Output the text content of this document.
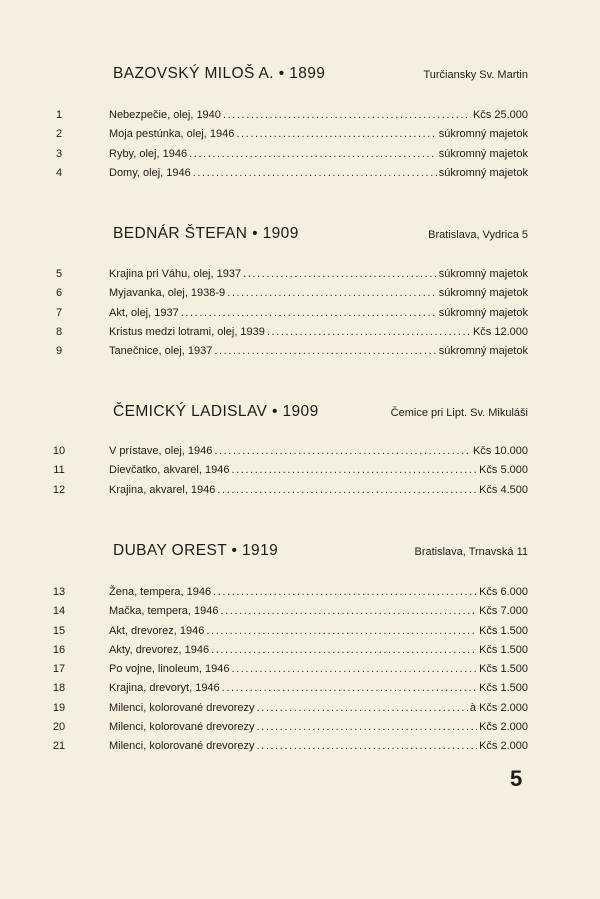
BAZOVSKÝ MILOŠ A. • 1899	Turčiansky Sv. Martin
1	Nebezpečie, olej, 1940 .....	Kčs 25.000
2	Moja pestúnka, olej, 1946 .....	súkromný majetok
3	Ryby, olej, 1946 .....	súkromný majetok
4	Domy, olej, 1946 .....	súkromný majetok
BEDNÁR ŠTEFAN • 1909	Bratislava, Vydrica 5
5	Krajina pri Váhu, olej, 1937 .....	súkromný majetok
6	Myjavanka, olej, 1938-9 .....	súkromný majetok
7	Akt, olej, 1937 .....	súkromný majetok
8	Kristus medzi lotrami, olej, 1939 .....	Kčs 12.000
9	Tanečnice, olej, 1937 .....	súkromný majetok
ČEMICKÝ LADISLAV • 1909	Čemice pri Lipt. Sv. Mikuláši
10	V prístave, olej, 1946 .....	Kčs 10.000
11	Dievčatko, akvarel, 1946 .....	Kčs 5.000
12	Krajina, akvarel, 1946 .....	Kčs 4.500
DUBAY OREST • 1919	Bratislava, Trnavská 11
13	Žena, tempera, 1946 .....	Kčs 6.000
14	Mačka, tempera, 1946 .....	Kčs 7.000
15	Akt, drevorez, 1946 .....	Kčs 1.500
16	Akty, drevorez, 1946 .....	Kčs 1.500
17	Po vojne, linoleum, 1946 .....	Kčs 1.500
18	Krajina, drevoryt, 1946 .....	Kčs 1.500
19	Milenci, kolorované drevorezy .....	à Kčs 2.000
20	Milenci, kolorované drevorezy .....	Kčs 2.000
21	Milenci, kolorované drevorezy .....	Kčs 2.000
5
